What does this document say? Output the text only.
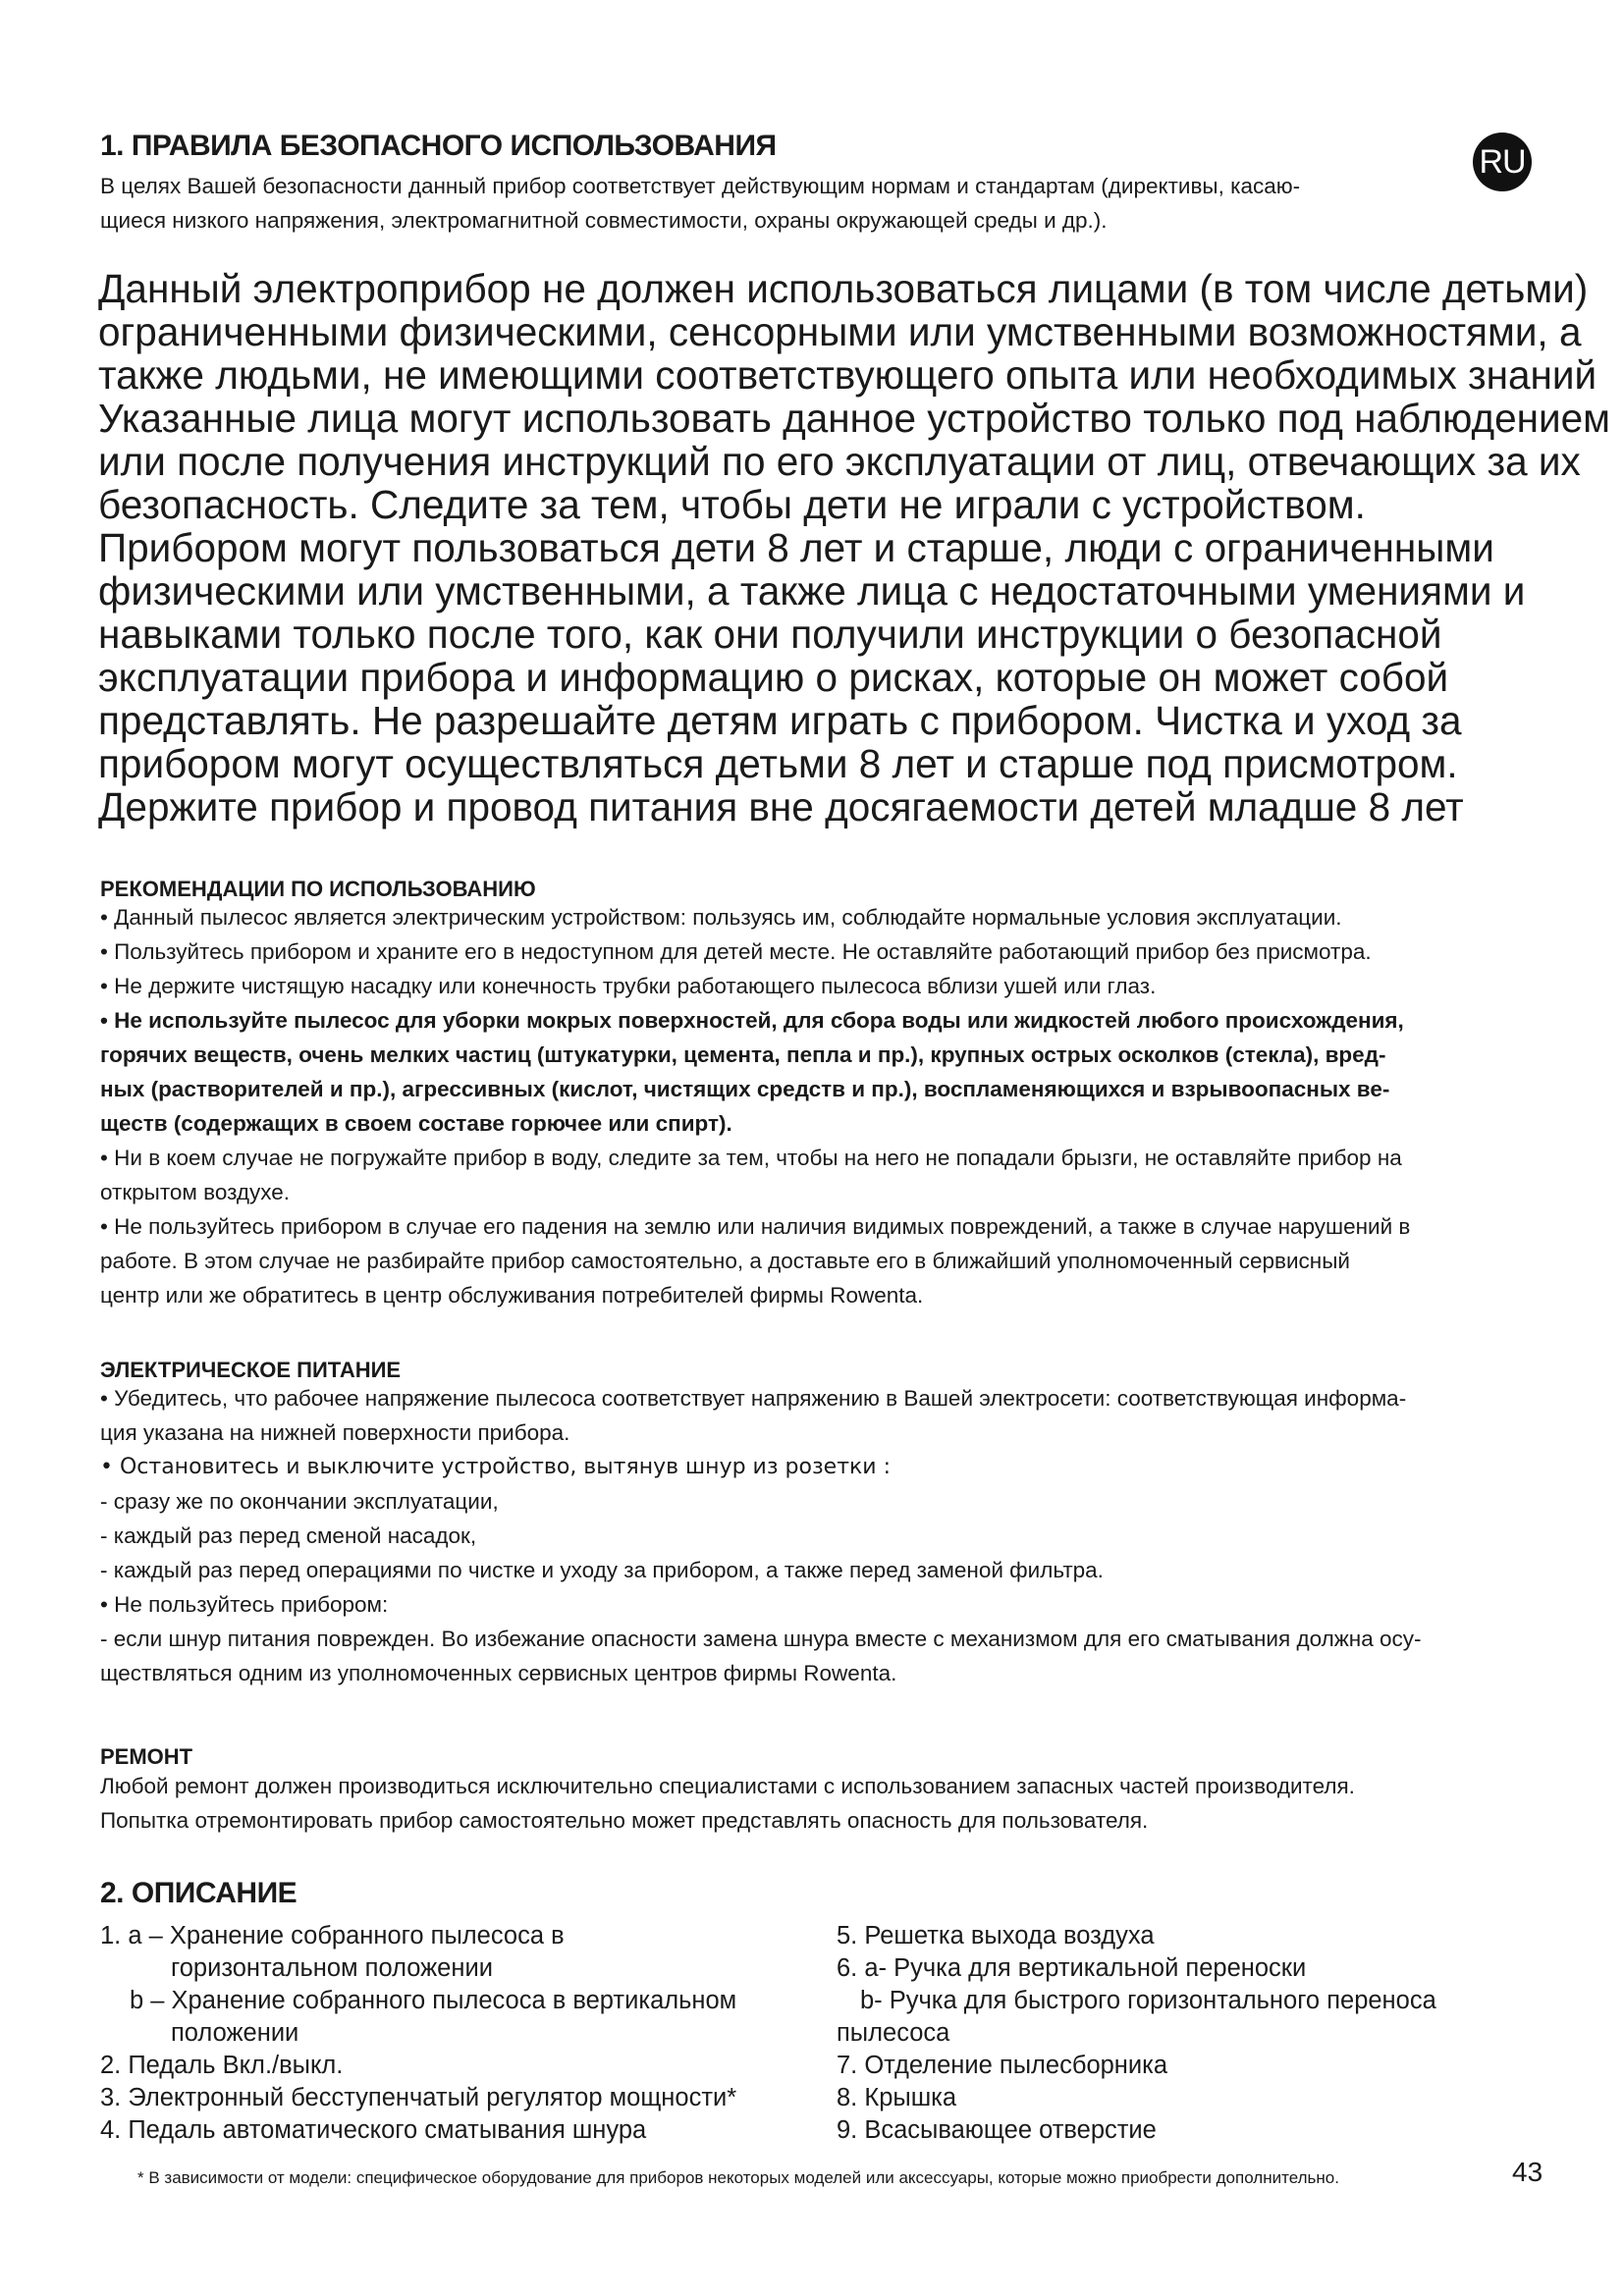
1. ПРАВИЛА БЕЗОПАСНОГО ИСПОЛЬЗОВАНИЯ	RU
В целях Вашей безопасности данный прибор соответствует действующим нормам и стандартам (директивы, касаю-
щиеся низкого напряжения, электромагнитной совместимости, охраны окружающей среды и др.).
Данный электроприбор не должен использоваться лицами (в том числе детьми)
ограниченными физическими, сенсорными или умственными возможностями, а
также людьми, не имеющими соответствующего опыта или необходимых знаний
Указанные лица могут использовать данное устройство только под наблюдением
или после получения инструкций по его эксплуатации от лиц, отвечающих за их
безопасность. Следите за тем, чтобы дети не играли с устройством.
Прибором могут пользоваться дети 8 лет и старше, люди с ограниченными
физическими или умственными, а также лица с недостаточными умениями и
навыками только после того, как они получили инструкции о безопасной
эксплуатации прибора и информацию о рисках, которые он может собой
представлять. Не разрешайте детям играть с прибором. Чистка и уход за
прибором могут осуществляться детьми 8 лет и старше под присмотром.
Держите прибор и провод питания вне досягаемости детей младше 8 лет
РЕКОМЕНДАЦИИ ПО ИСПОЛЬЗОВАНИЮ

• Данный пылесос является электрическим устройством: пользуясь им, соблюдайте нормальные условия эксплуатации.

• Пользуйтесь прибором и храните его в недоступном для детей месте. Не оставляйте работающий прибор без присмотра.

• Не держите чистящую насадку или конечность трубки работающего пылесоса вблизи ушей или глаз.

• Не используйте пылесос для уборки мокрых поверхностей, для сбора воды или жидкостей любого происхождения,

горячих веществ, очень мелких частиц (штукатурки, цемента, пепла и пр.), крупных острых осколков (стекла), вред-

ных (растворителей и пр.), агрессивных (кислот, чистящих средств и пр.), воспламеняющихся и взрывоопасных ве-

ществ (содержащих в своем составе горючее или спирт).

• Ни в коем случае не погружайте прибор в воду, следите за тем, чтобы на него не попадали брызги, не оставляйте прибор на

открытом воздухе.

• Не пользуйтесь прибором в случае его падения на землю или наличия видимых повреждений, а также в случае нарушений в

работе. В этом случае не разбирайте прибор самостоятельно, а доставьте его в ближайший уполномоченный сервисный

центр или же обратитесь в центр обслуживания потребителей фирмы Rowenta.

ЭЛЕКТРИЧЕСКОЕ ПИТАНИЕ

• Убедитесь, что рабочее напряжение пылесоса соответствует напряжению в Вашей электросети: соответствующая информа-

ция указана на нижней поверхности прибора.

• Остановитесь и выключите устройство, вытянув шнур из розетки :

- сразу же по окончании эксплуатации,

- каждый раз перед сменой насадок,

- каждый раз перед операциями по чистке и уходу за прибором, а также перед заменой фильтра.

• Не пользуйтесь прибором:

- если шнур питания поврежден. Во избежание опасности замена шнура вместе с механизмом для его сматывания должна осу-

ществляться одним из уполномоченных сервисных центров фирмы Rowenta.

РЕМОНТ

Любой ремонт должен производиться исключительно специалистами с использованием запасных частей производителя.

Попытка отремонтировать прибор самостоятельно может представлять опасность для пользователя.

2. ОПИСАНИЕ
1. a – Хранение собранного пылесоса в
горизонтальном положении
b – Хранение собранного пылесоса в вертикальном
положении
2. Педаль Вкл./выкл.
3. Электронный бесступенчатый регулятор мощности*
4. Педаль автоматического сматывания шнура
5. Решетка выхода воздуха
6. a- Ручка для вертикальной переноски
b- Ручка для быстрого горизонтального переноса
пылесоса
7. Отделение пылесборника
8. Крышка
9. Всасывающее отверстие
* В зависимости от модели: специфическое оборудование для приборов некоторых моделей или аксессуары, которые можно приобрести дополнительно.	43
